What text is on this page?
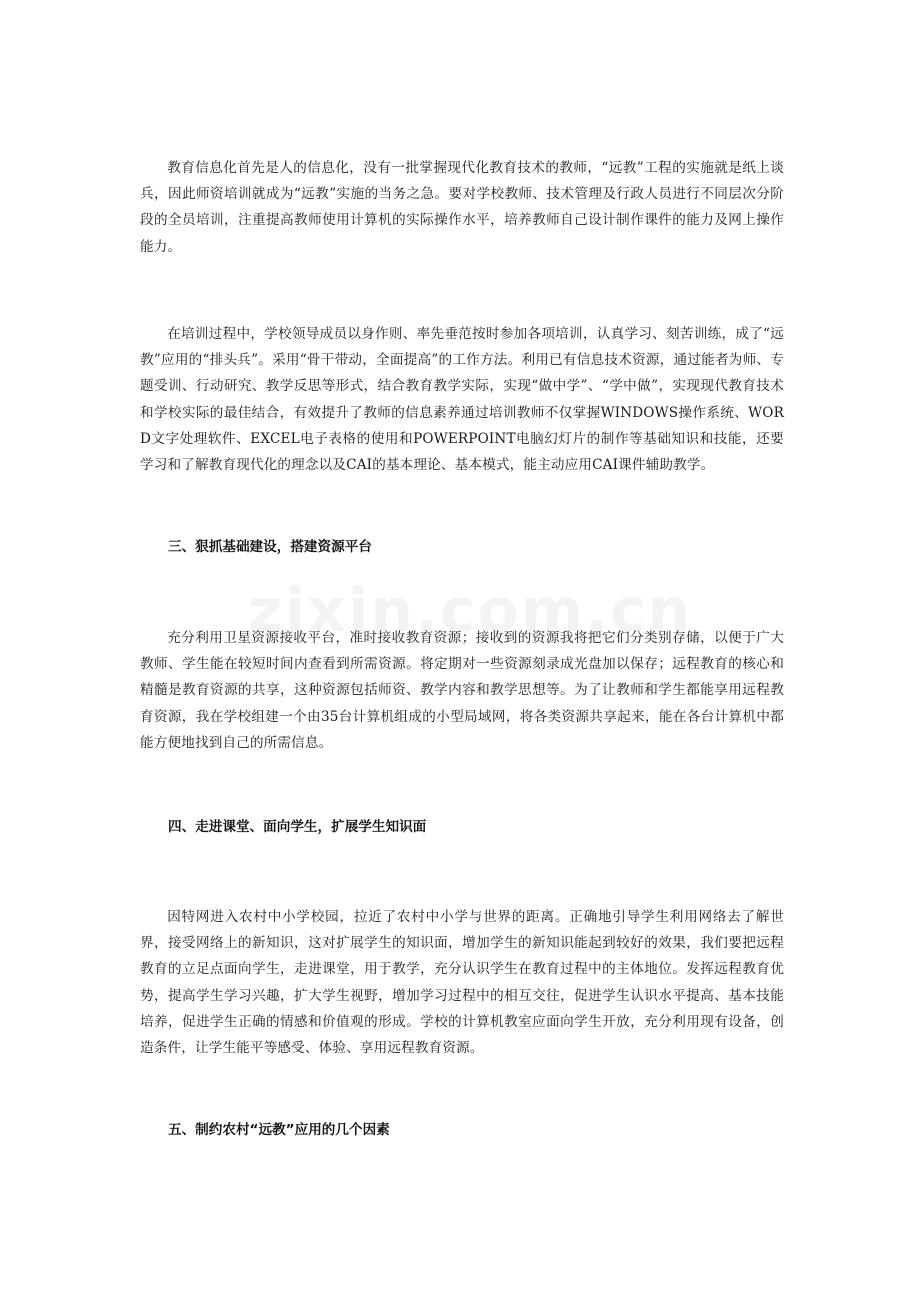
教育信息化首先是人的信息化，没有一批掌握现代化教育技术的教师，“远教”工程的实施就是纸上谈兵，因此师资培训就成为“远教”实施的当务之急。要对学校教师、技术管理及行政人员进行不同层次分阶段的全员培训，注重提高教师使用计算机的实际操作水平，培养教师自己设计制作课件的能力及网上操作能力。

在培训过程中，学校领导成员以身作则、率先垂范按时参加各项培训，认真学习、刻苦训练，成了“远教”应用的“排头兵”。采用“骨干带动，全面提高”的工作方法。利用已有信息技术资源，通过能者为师、专题受训、行动研究、教学反思等形式，结合教育教学实际，实现“做中学”、“学中做”，实现现代教育技术和学校实际的最佳结合，有效提升了教师的信息素养通过培训教师不仅掌握WINDOWS操作系统、WORD文字处理软件、EXCEL电子表格的使用和POWERPOINT电脑幻灯片的制作等基础知识和技能，还要学习和了解教育现代化的理念以及CAI的基本理论、基本模式，能主动应用CAI课件辅助教学。

三、狠抓基础建设，搭建资源平台

充分利用卫星资源接收平台，准时接收教育资源；接收到的资源我将把它们分类别存储，以便于广大教师、学生能在较短时间内查看到所需资源。将定期对一些资源刻录成光盘加以保存；远程教育的核心和精髓是教育资源的共享，这种资源包括师资、教学内容和教学思想等。为了让教师和学生都能享用远程教育资源，我在学校组建一个由35台计算机组成的小型局域网，将各类资源共享起来，能在各台计算机中都能方便地找到自己的所需信息。

四、走进课堂、面向学生，扩展学生知识面

因特网进入农村中小学校园，拉近了农村中小学与世界的距离。正确地引导学生利用网络去了解世界，接受网络上的新知识，这对扩展学生的知识面，增加学生的新知识能起到较好的效果，我们要把远程教育的立足点面向学生，走进课堂，用于教学，充分认识学生在教育过程中的主体地位。发挥远程教育优势，提高学生学习兴趣，扩大学生视野，增加学习过程中的相互交往，促进学生认识水平提高、基本技能培养，促进学生正确的情感和价值观的形成。学校的计算机教室应面向学生开放，充分利用现有设备，创造条件，让学生能平等感受、体验、享用远程教育资源。

五、制约农村“远教”应用的几个因素
